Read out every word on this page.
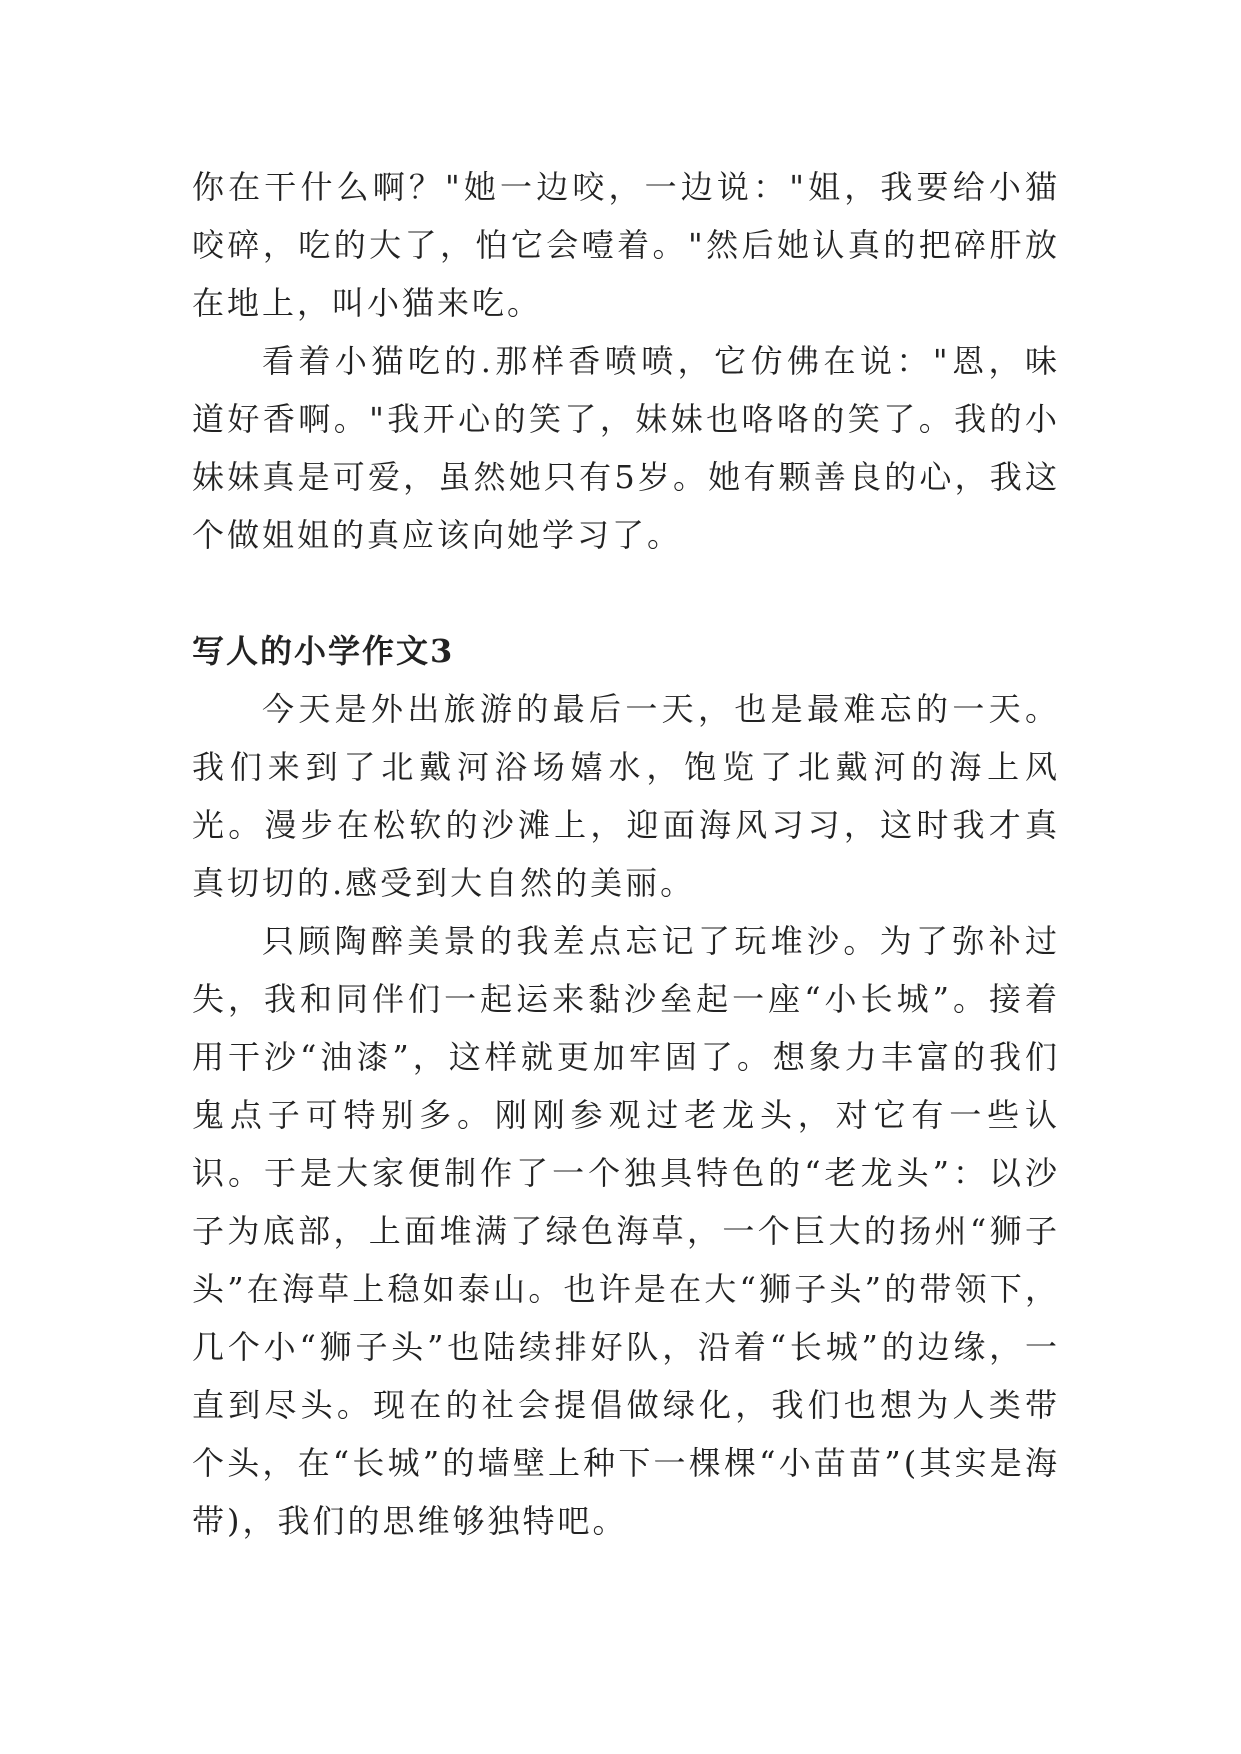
你在干什么啊？"她一边咬，一边说："姐，我要给小猫咬碎，吃的大了，怕它会噎着。"然后她认真的把碎肝放在地上，叫小猫来吃。

看着小猫吃的.那样香喷喷，它仿佛在说："恩，味道好香啊。"我开心的笑了，妹妹也咯咯的笑了。我的小妹妹真是可爱，虽然她只有5岁。她有颗善良的心，我这个做姐姐的真应该向她学习了。

写人的小学作文3

今天是外出旅游的最后一天，也是最难忘的一天。我们来到了北戴河浴场嬉水，饱览了北戴河的海上风光。漫步在松软的沙滩上，迎面海风习习，这时我才真真切切的.感受到大自然的美丽。

只顾陶醉美景的我差点忘记了玩堆沙。为了弥补过失，我和同伴们一起运来黏沙垒起一座“小长城”。接着用干沙“油漆”，这样就更加牢固了。想象力丰富的我们鬼点子可特别多。刚刚参观过老龙头，对它有一些认识。于是大家便制作了一个独具特色的“老龙头”：以沙子为底部，上面堆满了绿色海草，一个巨大的扬州“狮子头”在海草上稳如泰山。也许是在大“狮子头”的带领下，几个小“狮子头”也陆续排好队，沿着“长城”的边缘，一直到尽头。现在的社会提倡做绿化，我们也想为人类带个头，在“长城”的墙壁上种下一棵棵“小苗苗”(其实是海带)，我们的思维够独特吧。
